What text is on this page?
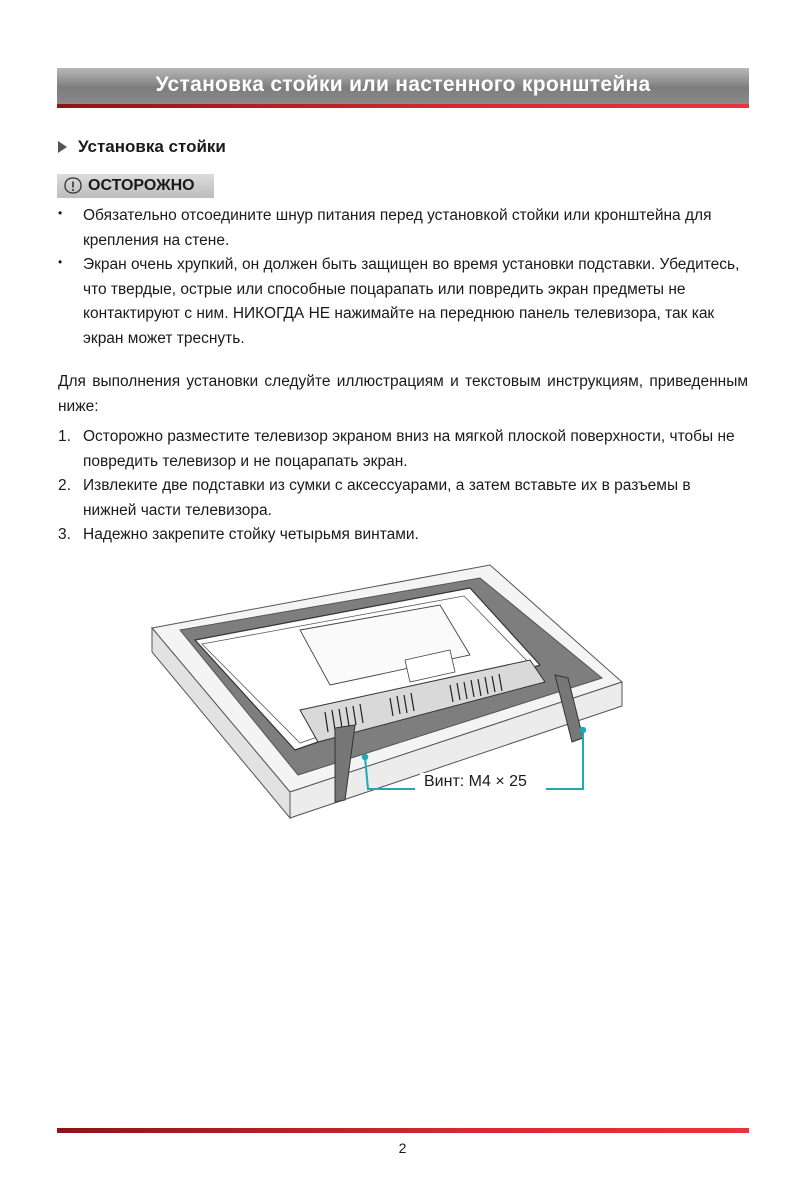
Установка стойки или настенного кронштейна
Установка стойки
ОСТОРОЖНО
•	Обязательно отсоедините шнур питания перед установкой стойки или кронштейна для крепления на стене.
•	Экран очень хрупкий, он должен быть защищен во время установки подставки. Убедитесь, что твердые, острые или способные поцарапать или повредить экран предметы не контактируют с ним. НИКОГДА НЕ нажимайте на переднюю панель телевизора, так как экран может треснуть.
Для выполнения установки следуйте иллюстрациям и текстовым инструкциям, приведенным ниже:
1. Осторожно разместите телевизор экраном вниз на мягкой плоской поверхности, чтобы не повредить телевизор и не поцарапать экран.
2. Извлеките две подставки из сумки с аксессуарами, а затем вставьте их в разъемы в нижней части телевизора.
3. Надежно закрепите стойку четырьмя винтами.
Винт: M4 × 25
2
